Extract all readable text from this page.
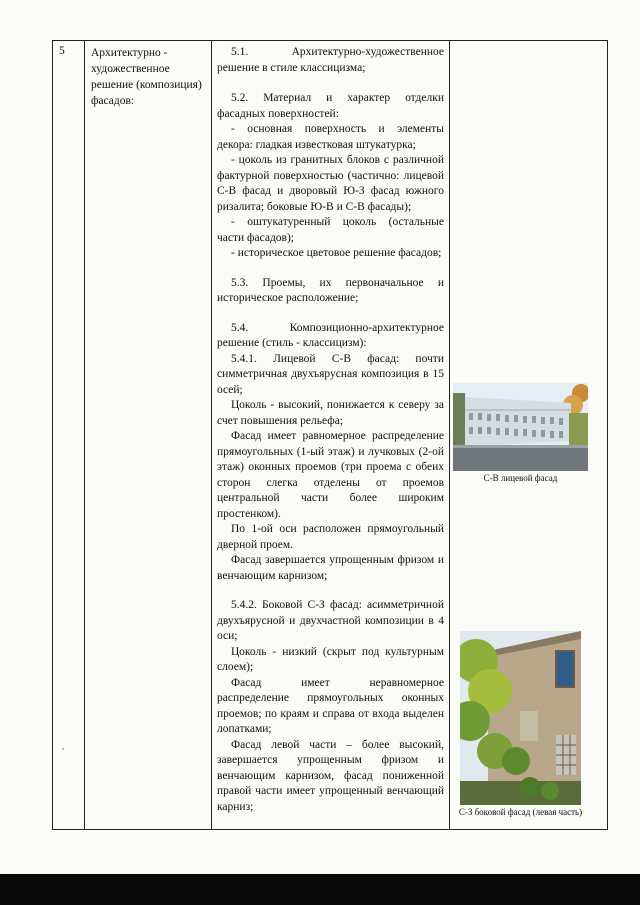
5 Архитектурно - художественное решение (композиция) фасадов:

5.1. Архитектурно-художественное решение в стиле классицизма;

5.2. Материал и характер отделки фасадных поверхностей:

- основная поверхность и элементы декора: гладкая известковая штукатурка;

- цоколь из гранитных блоков с различной фактурной поверхностью (частично: лицевой С-В фасад и дворовый Ю-З фасад южного ризалита; боковые Ю-В и С-В фасады);

- оштукатуренный цоколь (остальные части фасадов);

- историческое цветовое решение фасадов;

5.3. Проемы, их первоначальное и историческое расположение;

5.4. Композиционно-архитектурное решение (стиль - классицизм):

5.4.1. Лицевой С-В фасад: почти симметричная двухъярусная композиция в 15 осей;

Цоколь - высокий, понижается к северу за счет повышения рельефа;

Фасад имеет равномерное распределение прямоугольных (1-ый этаж) и лучковых (2-ой этаж) оконных проемов (три проема с обеих сторон слегка отделены от проемов центральной части более широким простенком).

По 1-ой оси расположен прямоугольный дверной проем.

Фасад завершается упрощенным фризом и венчающим карнизом;

5.4.2. Боковой С-З фасад: асимметричной двухъярусной и двухчастной композиции в 4 оси;

Цоколь - низкий (скрыт под культурным слоем);

Фасад имеет неравномерное распределение прямоугольных оконных проемов; по краям и справа от входа выделен лопатками;

Фасад левой части – более высокий, завершается упрощенным фризом и венчающим карнизом, фасад пониженной правой части имеет упрощенный венчающий карниз;

С-В лицевой фасад
С-З боковой фасад (левая часть)
